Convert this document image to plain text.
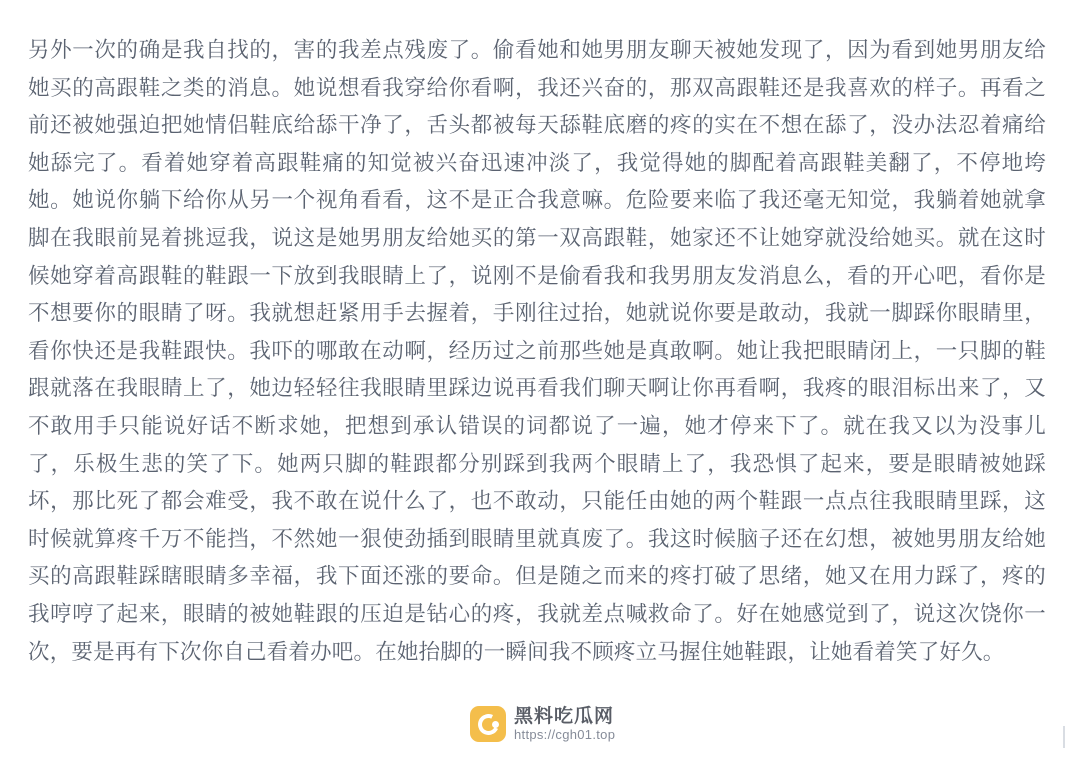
另外一次的确是我自找的，害的我差点残废了。偷看她和她男朋友聊天被她发现了，因为看到她男朋友给她买的高跟鞋之类的消息。她说想看我穿给你看啊，我还兴奋的，那双高跟鞋还是我喜欢的样子。再看之前还被她强迫把她情侣鞋底给舔干净了，舌头都被每天舔鞋底磨的疼的实在不想在舔了，没办法忍着痛给她舔完了。看着她穿着高跟鞋痛的知觉被兴奋迅速冲淡了，我觉得她的脚配着高跟鞋美翻了，不停地垮她。她说你躺下给你从另一个视角看看，这不是正合我意嘛。危险要来临了我还毫无知觉，我躺着她就拿脚在我眼前晃着挑逗我，说这是她男朋友给她买的第一双高跟鞋，她家还不让她穿就没给她买。就在这时候她穿着高跟鞋的鞋跟一下放到我眼睛上了，说刚不是偷看我和我男朋友发消息么，看的开心吧，看你是不想要你的眼睛了呀。我就想赶紧用手去握着，手刚往过抬，她就说你要是敢动，我就一脚踩你眼睛里，看你快还是我鞋跟快。我吓的哪敢在动啊，经历过之前那些她是真敢啊。她让我把眼睛闭上，一只脚的鞋跟就落在我眼睛上了，她边轻轻往我眼睛里踩边说再看我们聊天啊让你再看啊，我疼的眼泪标出来了，又不敢用手只能说好话不断求她，把想到承认错误的词都说了一遍，她才停来下了。就在我又以为没事儿了，乐极生悲的笑了下。她两只脚的鞋跟都分别踩到我两个眼睛上了，我恐惧了起来，要是眼睛被她踩坏，那比死了都会难受，我不敢在说什么了，也不敢动，只能任由她的两个鞋跟一点点往我眼睛里踩，这时候就算疼千万不能挡，不然她一狠使劲插到眼睛里就真废了。我这时候脑子还在幻想，被她男朋友给她买的高跟鞋踩瞎眼睛多幸福，我下面还涨的要命。但是随之而来的疼打破了思绪，她又在用力踩了，疼的我哼哼了起来，眼睛的被她鞋跟的压迫是钻心的疼，我就差点喊救命了。好在她感觉到了，说这次饶你一次，要是再有下次你自己看着办吧。在她抬脚的一瞬间我不顾疼立马握住她鞋跟，让她看着笑了好久。
黑料吃瓜网
https://cgh01.top
